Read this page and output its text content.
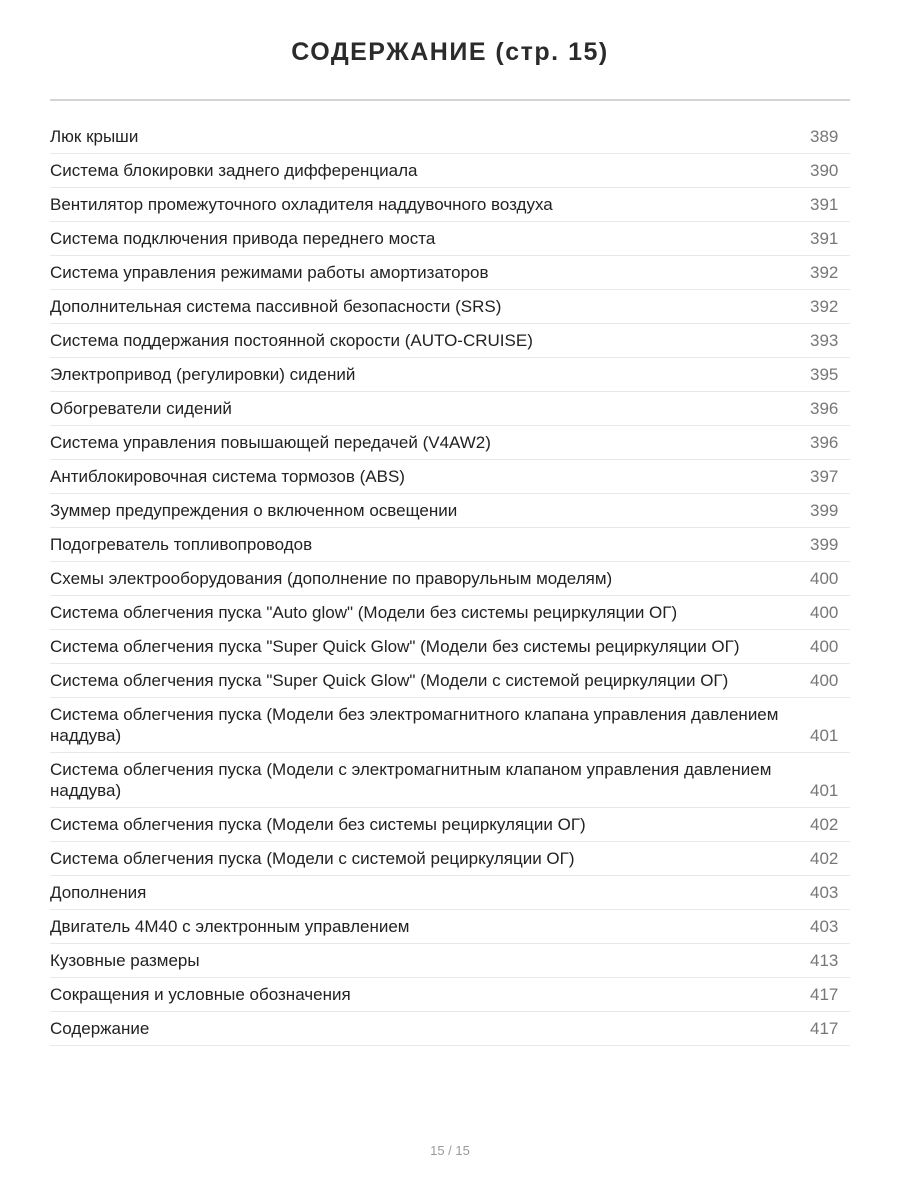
СОДЕРЖАНИЕ (стр. 15)
Люк крыши	389
Система блокировки заднего дифференциала	390
Вентилятор промежуточного охладителя наддувочного воздуха	391
Система подключения привода переднего моста	391
Система управления режимами работы амортизаторов	392
Дополнительная система пассивной безопасности (SRS)	392
Система поддержания постоянной скорости (AUTO-CRUISE)	393
Электропривод (регулировки) сидений	395
Обогреватели сидений	396
Система управления повышающей передачей (V4AW2)	396
Антиблокировочная система тормозов (ABS)	397
Зуммер предупреждения о включенном освещении	399
Подогреватель топливопроводов	399
Схемы электрооборудования (дополнение по праворульным моделям)	400
Система облегчения пуска "Auto glow" (Модели без системы рециркуляции ОГ)	400
Система облегчения пуска "Super Quick Glow" (Модели без системы рециркуляции ОГ)	400
Система облегчения пуска "Super Quick Glow" (Модели с системой рециркуляции ОГ)	400
Система облегчения пуска (Модели без электромагнитного клапана управления давлением наддува)	401
Система облегчения пуска (Модели с электромагнитным клапаном управления давлением наддува)	401
Система облегчения пуска (Модели без системы рециркуляции ОГ)	402
Система облегчения пуска (Модели с системой рециркуляции ОГ)	402
Дополнения	403
Двигатель 4M40 с электронным управлением	403
Кузовные размеры	413
Сокращения и условные обозначения	417
Содержание	417
15 / 15
